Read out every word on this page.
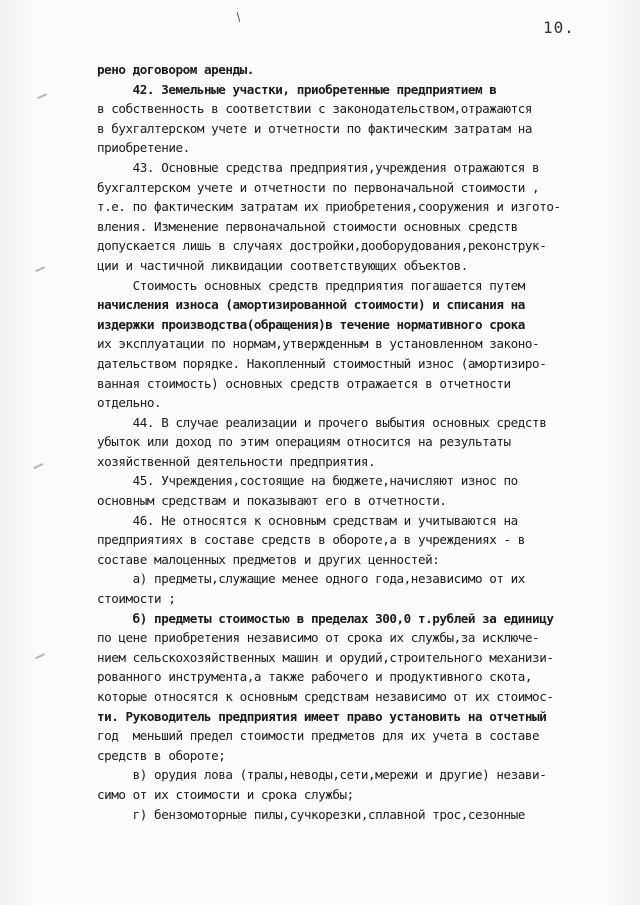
10.
рено договором аренды.
42. Земельные участки, приобретенные предприятием в
в собственность в соответствии с законодательством,отражаются
в бухгалтерском учете и отчетности по фактическим затратам на
приобретение.
43. Основные средства предприятия,учреждения отражаются в
бухгалтерском учете и отчетности по первоначальной стоимости ,
т.е. по фактическим затратам их приобретения,сооружения и изгото-
вления. Изменение первоначальной стоимости основных средств
допускается лишь в случаях достройки,дооборудования,реконструк-
ции и частичной ликвидации соответствующих объектов.
Стоимость основных средств предприятия погашается путем
начисления износа (амортизированной стоимости) и списания на
издержки производства(обращения)в течение нормативного срока
их эксплуатации по нормам,утвержденным в установленном законо-
дательством порядке. Накопленный стоимостный износ (амортизиро-
ванная стоимость) основных средств отражается в отчетности
отдельно.
44. В случае реализации и прочего выбытия основных средств
убыток или доход по этим операциям относится на результаты
хозяйственной деятельности предприятия.
45. Учреждения,состоящие на бюджете,начисляют износ по
основным средствам и показывают его в отчетности.
46. Не относятся к основным средствам и учитываются на
предприятиях в составе средств в обороте,а в учреждениях - в
составе малоценных предметов и других ценностей:
а) предметы,служащие менее одного года,независимо от их
стоимости ;
б) предметы стоимостью в пределах 300,0 т.рублей за единицу
по цене приобретения независимо от срока их службы,за исключе-
нием сельскохозяйственных машин и орудий,строительного механизи-
рованного инструмента,а также рабочего и продуктивного скота,
которые относятся к основным средствам независимо от их стоимос-
ти. Руководитель предприятия имеет право установить на отчетный
год  меньший предел стоимости предметов для их учета в составе
средств в обороте;
в) орудия лова (тралы,неводы,сети,мережи и другие) незави-
симо от их стоимости и срока службы;
г) бензомоторные пилы,сучкорезки,сплавной трос,сезонные
